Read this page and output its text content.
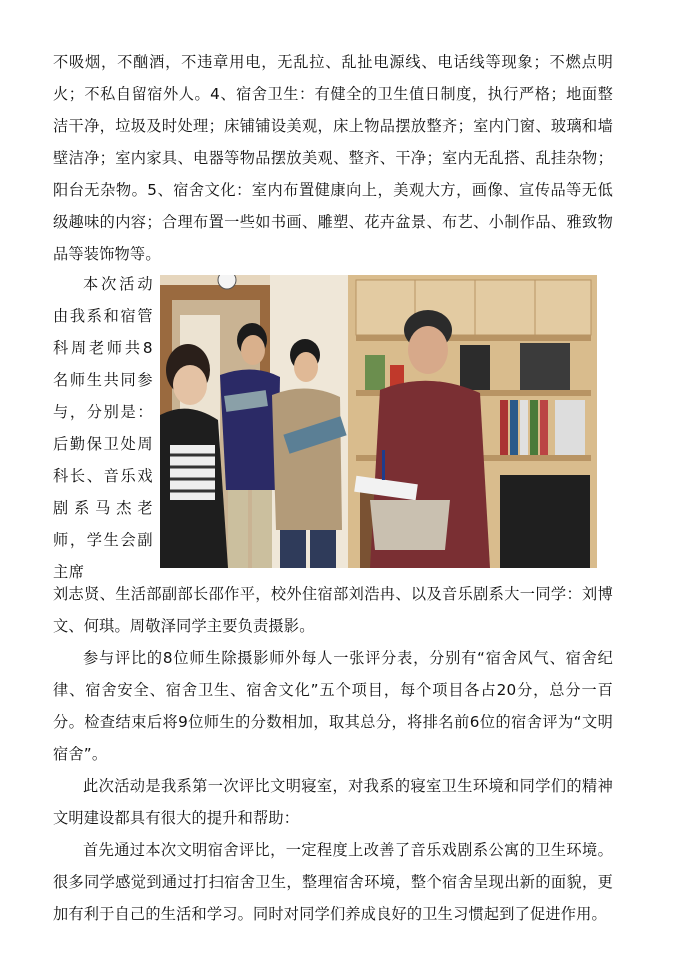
不吸烟，不酗酒，不违章用电，无乱拉、乱扯电源线、电话线等现象；不燃点明火；不私自留宿外人。4、宿舍卫生：有健全的卫生值日制度，执行严格；地面整洁干净，垃圾及时处理；床铺铺设美观，床上物品摆放整齐；室内门窗、玻璃和墙壁洁净；室内家具、电器等物品摆放美观、整齐、干净；室内无乱搭、乱挂杂物；阳台无杂物。5、宿舍文化：室内布置健康向上，美观大方，画像、宣传品等无低级趣味的内容；合理布置一些如书画、雕塑、花卉盆景、布艺、小制作品、雅致物品等装饰物等。

本次活动由我系和宿管科周老师共8名师生共同参与，分别是：后勤保卫处周科长、音乐戏剧系马杰老师，学生会副主席

刘志贤、生活部副部长邵作平，校外住宿部刘浩冉、以及音乐剧系大一同学：刘博文、何琪。周敬泽同学主要负责摄影。

参与评比的8位师生除摄影师外每人一张评分表，分别有“宿舍风气、宿舍纪律、宿舍安全、宿舍卫生、宿舍文化”五个项目，每个项目各占20分，总分一百分。检查结束后将9位师生的分数相加，取其总分，将排名前6位的宿舍评为“文明宿舍”。

此次活动是我系第一次评比文明寝室，对我系的寝室卫生环境和同学们的精神文明建设都具有很大的提升和帮助：

首先通过本次文明宿舍评比，一定程度上改善了音乐戏剧系公寓的卫生环境。很多同学感觉到通过打扫宿舍卫生，整理宿舍环境，整个宿舍呈现出新的面貌，更加有利于自己的生活和学习。同时对同学们养成良好的卫生习惯起到了促进作用。
